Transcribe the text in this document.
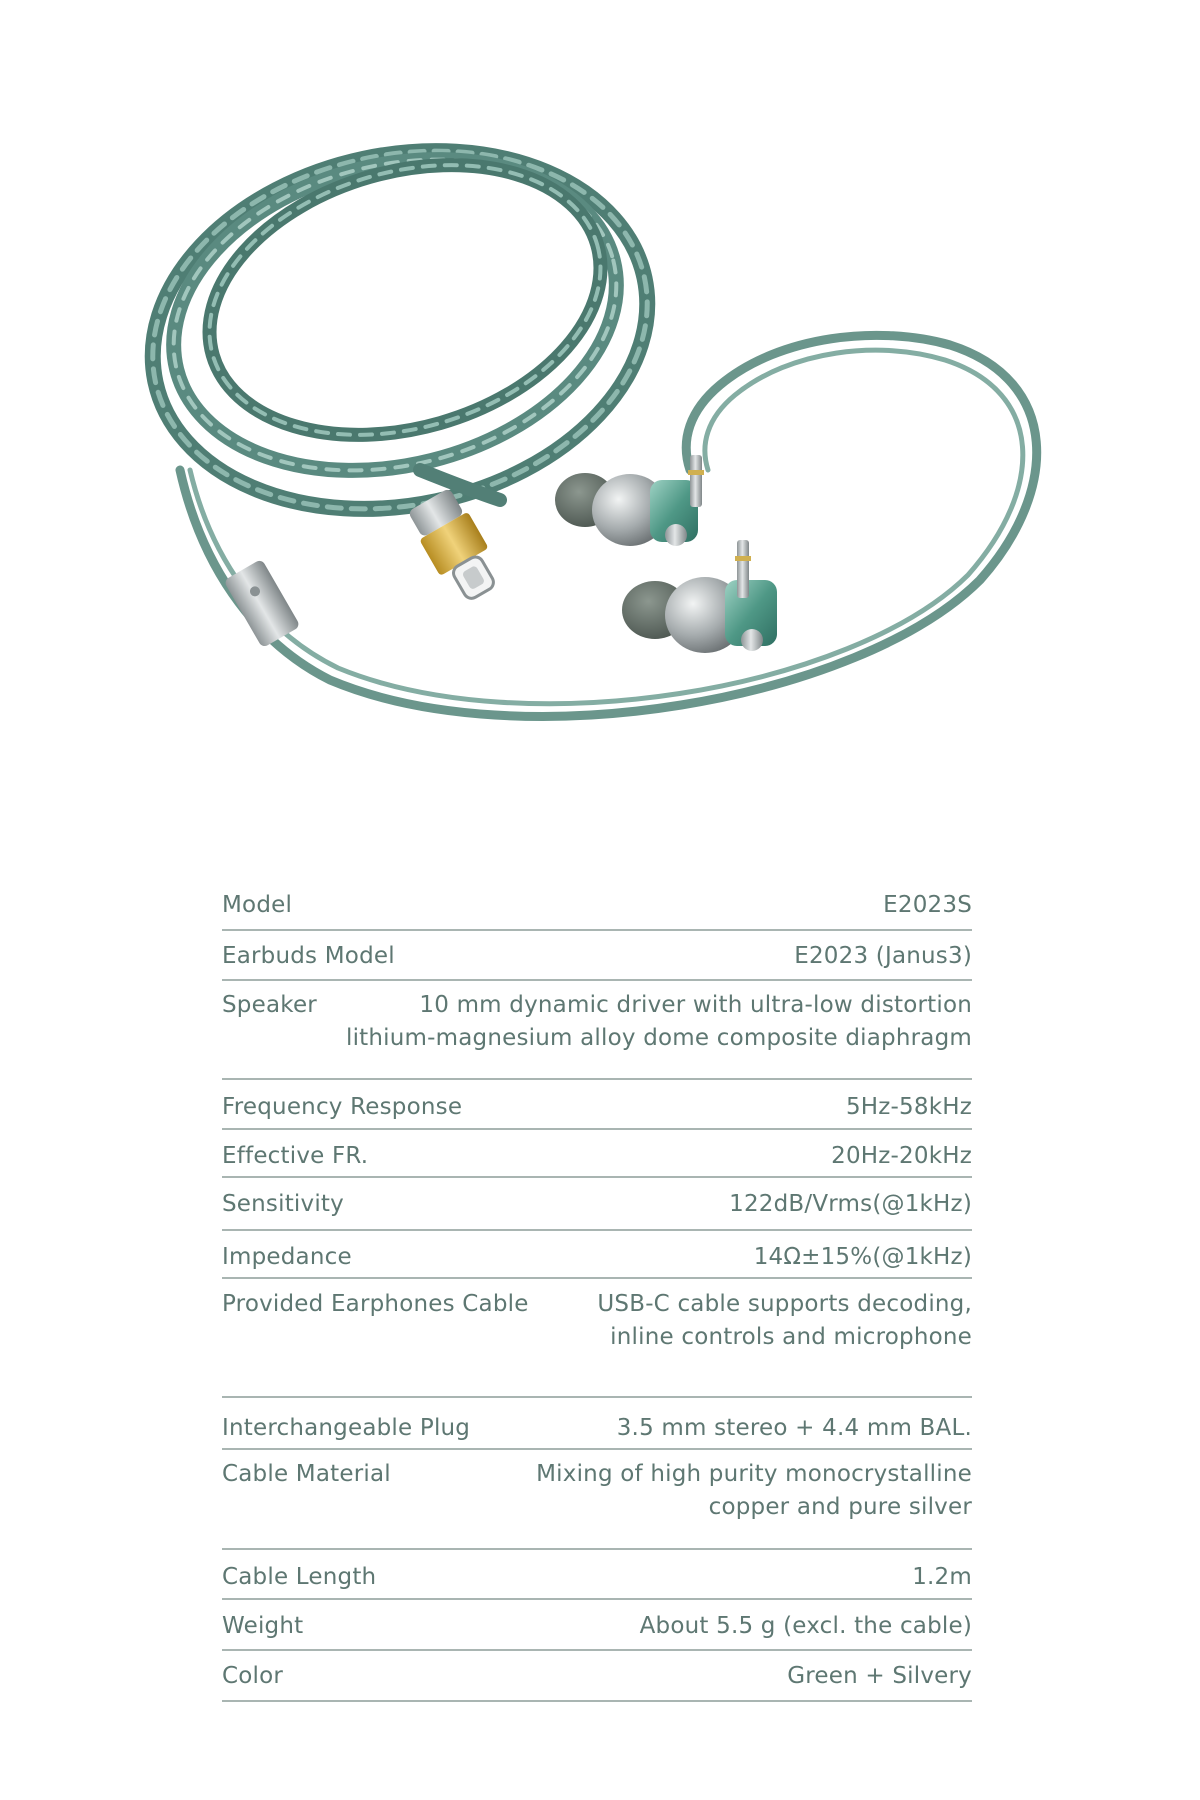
Model	E2023S
Earbuds Model	E2023 (Janus3)
Speaker	10 mm dynamic driver with ultra-low distortion
lithium-magnesium alloy dome composite diaphragm
Frequency Response	5Hz-58kHz
Effective FR.	20Hz-20kHz
Sensitivity	122dB/Vrms(@1kHz)
Impedance	14Ω±15%(@1kHz)
Provided Earphones Cable	USB-C cable supports decoding,
inline controls and microphone
Interchangeable Plug	3.5 mm stereo + 4.4 mm BAL.
Cable Material	Mixing of high purity monocrystalline
copper and pure silver
Cable Length	1.2m
Weight	About 5.5 g (excl. the cable)
Color	Green + Silvery
